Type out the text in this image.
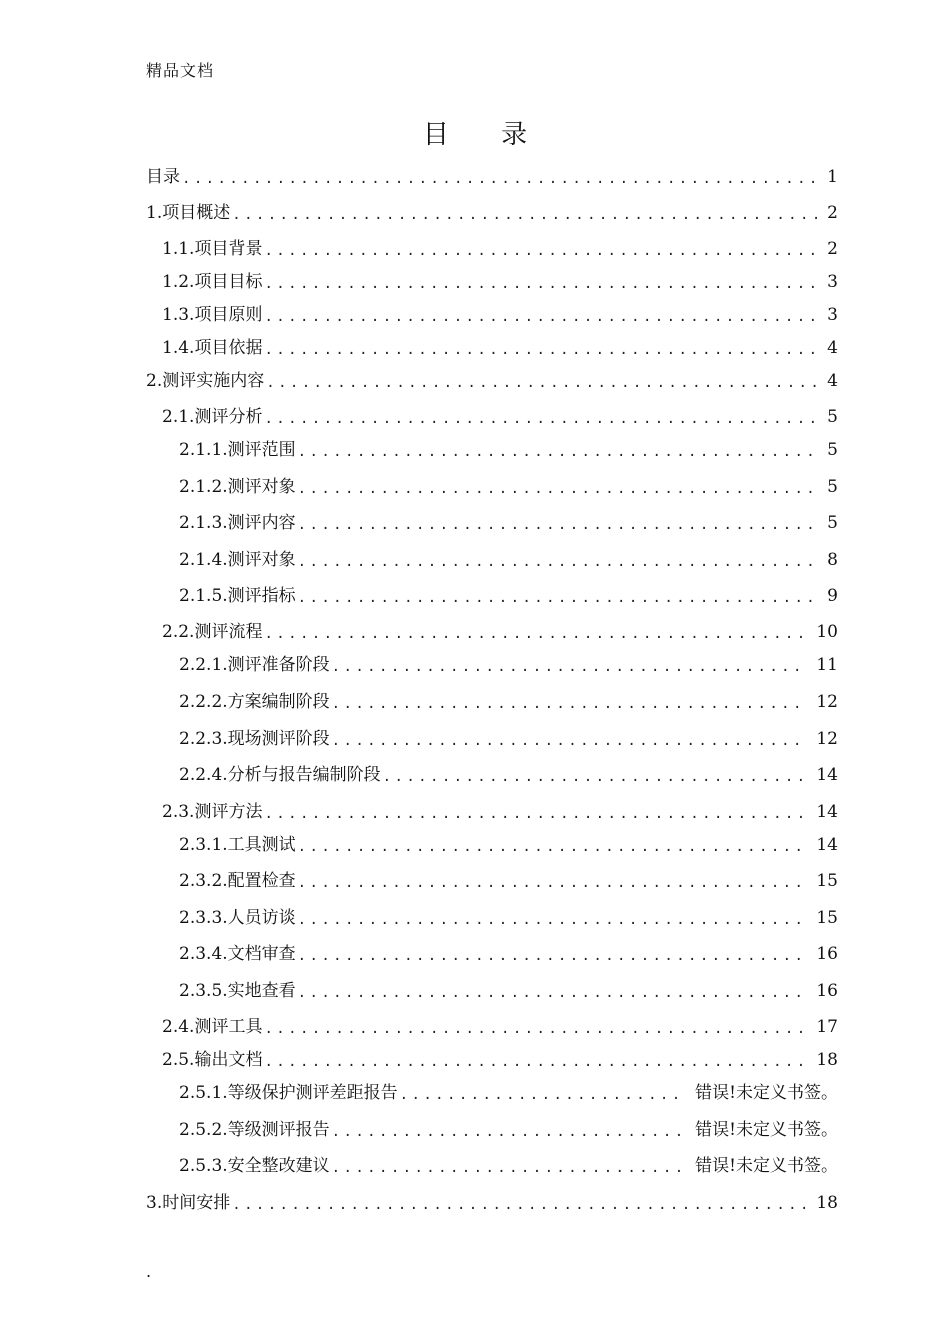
精品文档
目 录
目 录 .....	1
1. 项目概述 .....	2
1.1. 项目背景 .....	2
1.2. 项目目标 .....	3
1.3. 项目原则 .....	3
1.4. 项目依据 .....	4
2. 测评实施内容 .....	4
2.1. 测评分析 .....	5
2.1.1. 测评范围 .....	5
2.1.2. 测评对象 .....	5
2.1.3. 测评内容 .....	5
2.1.4. 测评对象 .....	8
2.1.5. 测评指标 .....	9
2.2. 测评流程 .....	10
2.2.1. 测评准备阶段 .....	11
2.2.2. 方案编制阶段 .....	12
2.2.3. 现场测评阶段 .....	12
2.2.4. 分析与报告编制阶段 .....	14
2.3. 测评方法 .....	14
2.3.1. 工具测试 .....	14
2.3.2. 配置检查 .....	15
2.3.3. 人员访谈 .....	15
2.3.4. 文档审查 .....	16
2.3.5. 实地查看 .....	16
2.4. 测评工具 .....	17
2.5. 输出文档 .....	18
2.5.1. 等级保护测评差距报告 .....	错误!未定义书签。
2.5.2. 等级测评报告 .....	错误!未定义书签。
2.5.3. 安全整改建议 .....	错误!未定义书签。
3. 时间安排 .....	18
.
